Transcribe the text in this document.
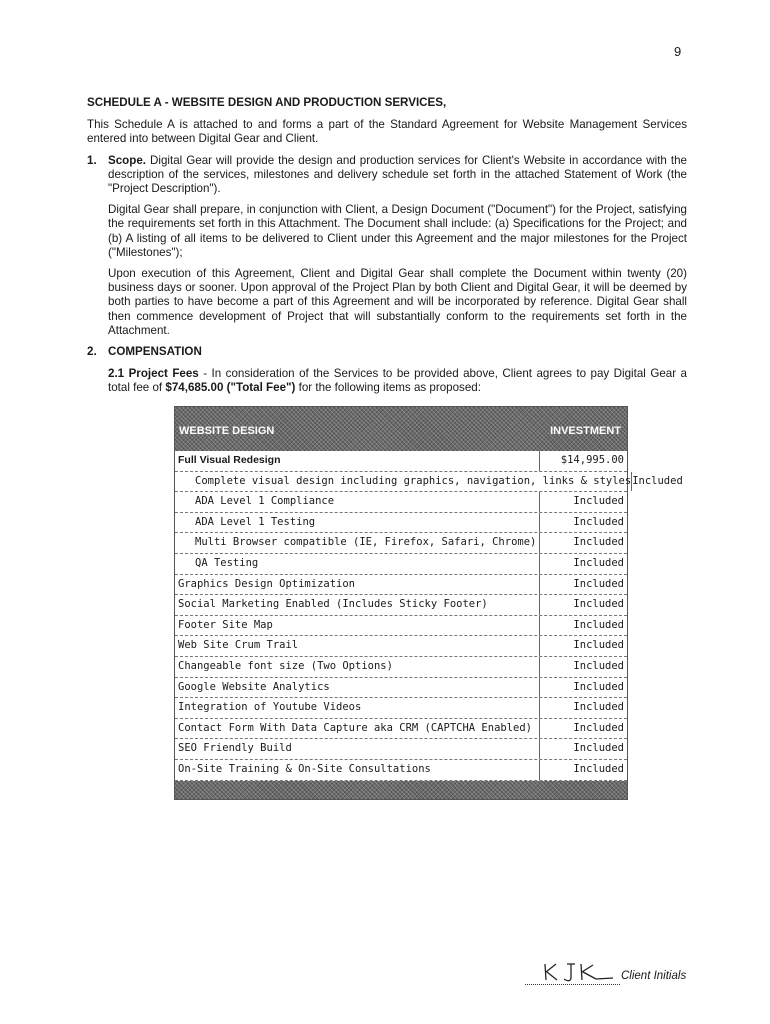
9
SCHEDULE A - WEBSITE DESIGN AND PRODUCTION SERVICES,

This Schedule A is attached to and forms a part of the Standard Agreement for Website Management Services entered into between Digital Gear and Client.

1. Scope. Digital Gear will provide the design and production services for Client's Website in accordance with the description of the services, milestones and delivery schedule set forth in the attached Statement of Work (the "Project Description").

Digital Gear shall prepare, in conjunction with Client, a Design Document ("Document") for the Project, satisfying the requirements set forth in this Attachment. The Document shall include: (a) Specifications for the Project; and (b) A listing of all items to be delivered to Client under this Agreement and the major milestones for the Project ("Milestones");

Upon execution of this Agreement, Client and Digital Gear shall complete the Document within twenty (20) business days or sooner. Upon approval of the Project Plan by both Client and Digital Gear, it will be deemed by both parties to have become a part of this Agreement and will be incorporated by reference. Digital Gear shall then commence development of Project that will substantially conform to the requirements set forth in the Attachment.

2. COMPENSATION

2.1 Project Fees - In consideration of the Services to be provided above, Client agrees to pay Digital Gear a total fee of $74,685.00 ("Total Fee") for the following items as proposed:

WEBSITE DESIGN	INVESTMENT
Full Visual Redesign	$14,995.00
Complete visual design including graphics, navigation, links & styles Included
ADA Level 1 Compliance	Included
ADA Level 1 Testing	Included
Multi Browser compatible (IE, Firefox, Safari, Chrome)	Included
QA Testing	Included
Graphics Design Optimization	Included
Social Marketing Enabled (Includes Sticky Footer)	Included
Footer Site Map	Included
Web Site Crum Trail	Included
Changeable font size (Two Options)	Included
Google Website Analytics	Included
Integration of Youtube Videos	Included
Contact Form With Data Capture aka CRM (CAPTCHA Enabled)	Included
SEO Friendly Build	Included
On-Site Training & On-Site Consultations	Included
Client Initials
